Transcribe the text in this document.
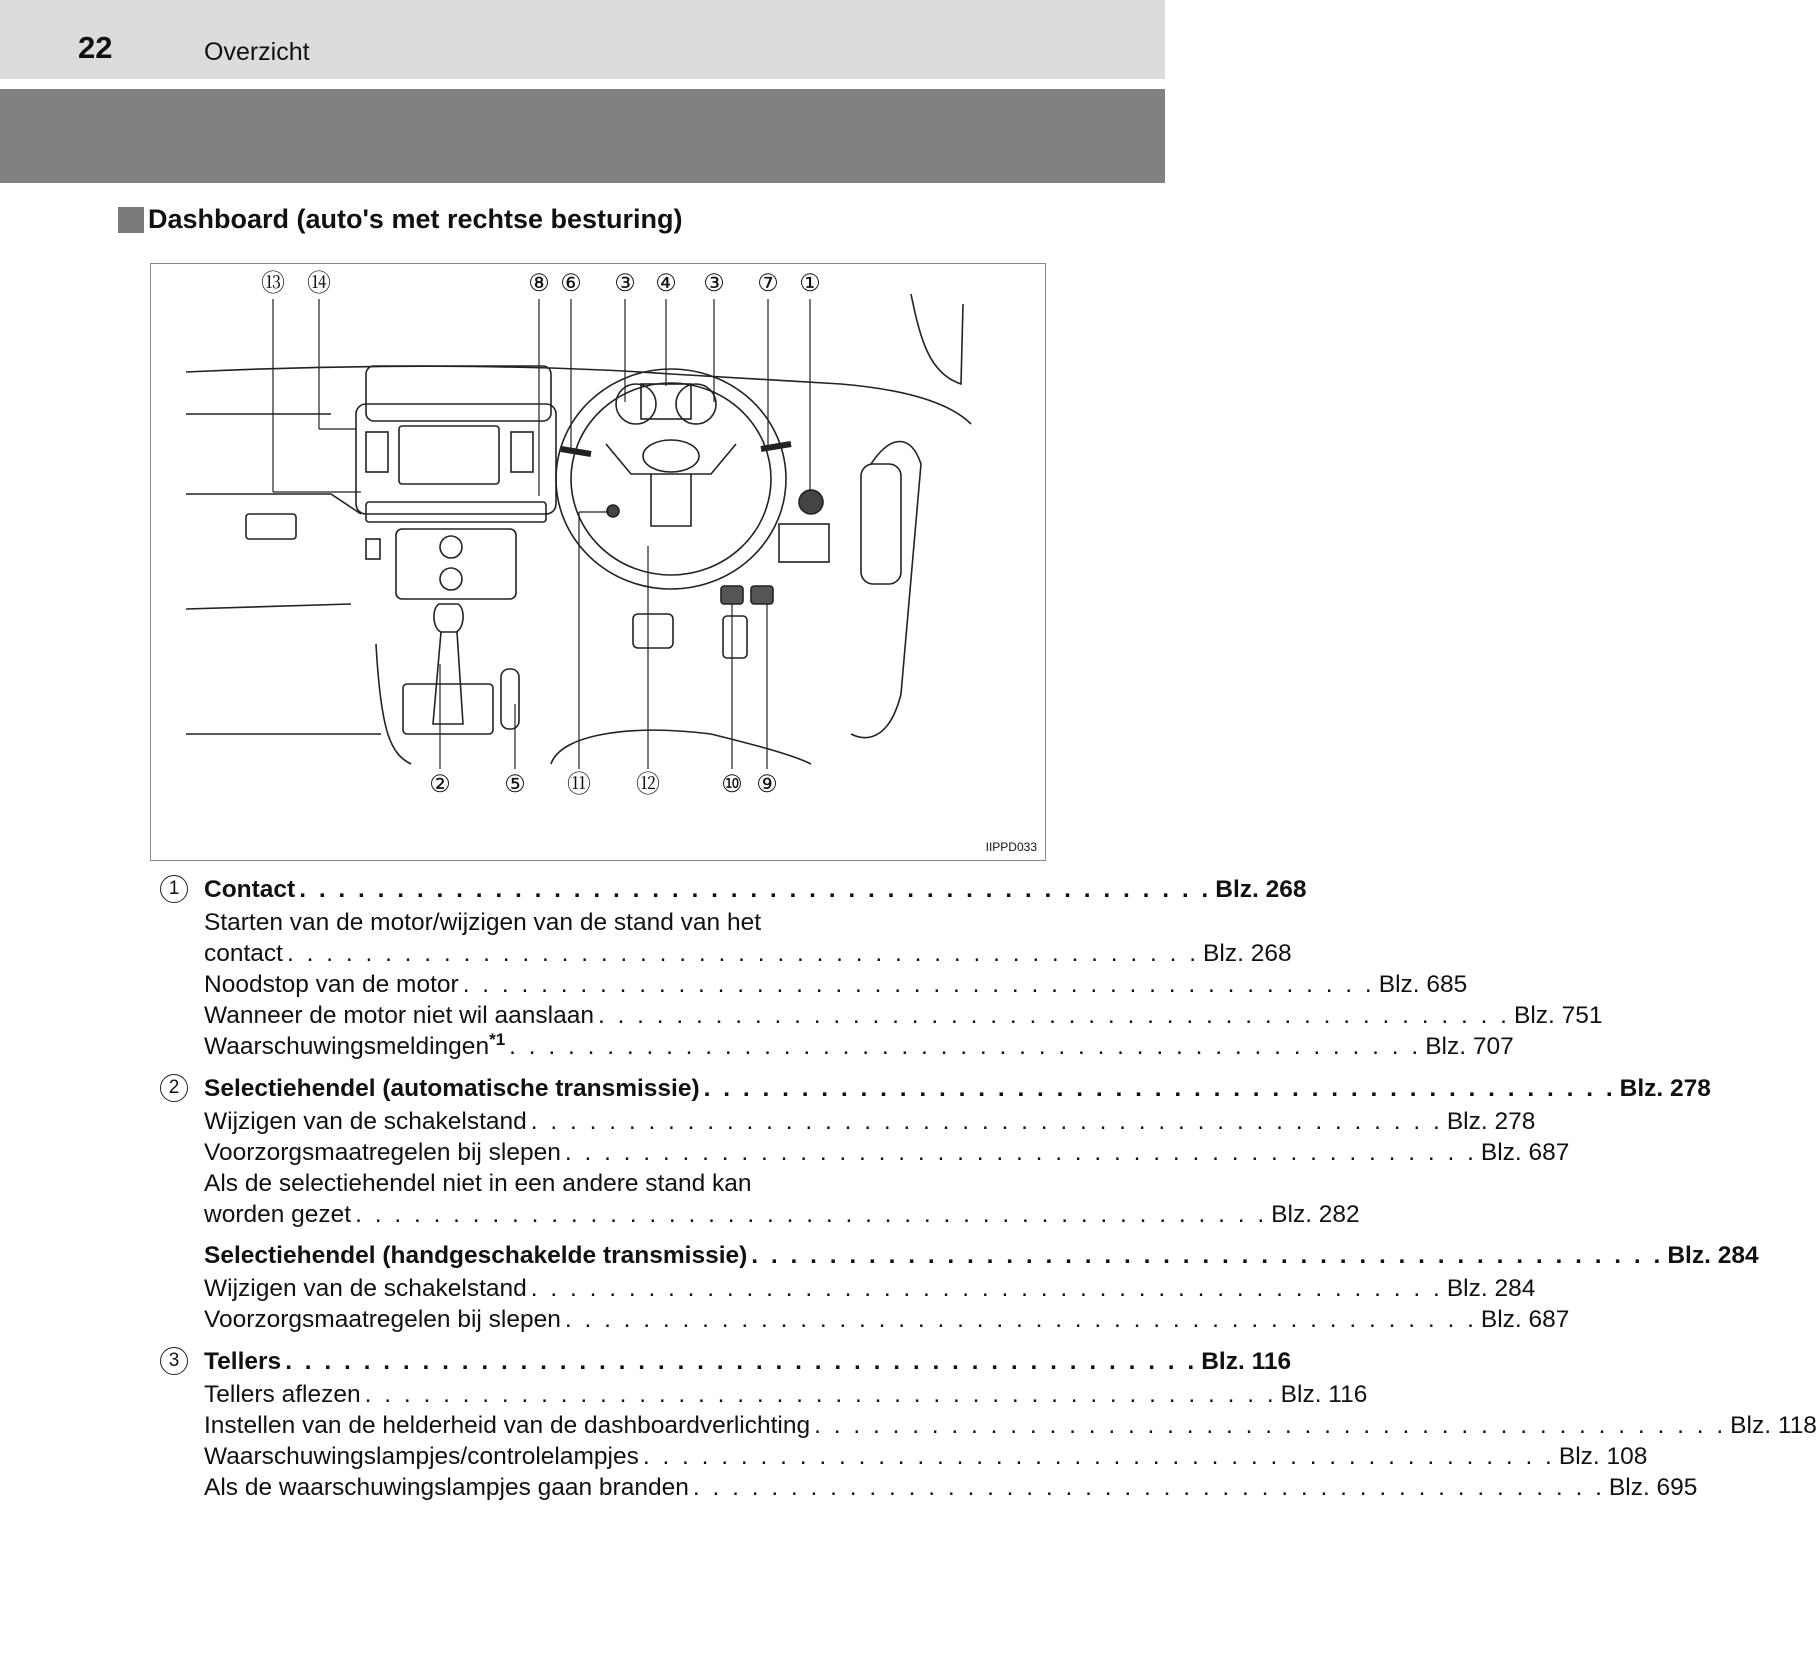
22	Overzicht
Dashboard (auto's met rechtse besturing)
⑬ ⑭	⑧ ⑥ ③ ④ ③ ⑦ ①
② ⑤ ⑪ ⑫	⑩ ⑨
IIPPD033
1	Contact . . . . . . . . . . . . . . . . . . . . . . . . . . . . . . . . . . . . . . . . . . . . . . . Blz. 268
Starten van de motor/wijzigen van de stand van het
contact . . . . . . . . . . . . . . . . . . . . . . . . . . . . . . . . . . . . . . . . . . . . . . . Blz. 268
Noodstop van de motor . . . . . . . . . . . . . . . . . . . . . . . . . . . . . . . . . . . . . . . . . . . . . . . Blz. 685
Wanneer de motor niet wil aanslaan . . . . . . . . . . . . . . . . . . . . . . . . . . . . . . . . . . . . . . . . . . . . . . . Blz. 751
Waarschuwingsmeldingen$^{*1}$ . . . . . . . . . . . . . . . . . . . . . . . . . . . . . . . . . . . . . . . . . . . . . . . Blz. 707
2	Selectiehendel (automatische transmissie) . . . . . . . . . . . . . . . . . . . . . . . . . . . . . . . . . . . . . . . . . . . . . . . Blz. 278
Wijzigen van de schakelstand . . . . . . . . . . . . . . . . . . . . . . . . . . . . . . . . . . . . . . . . . . . . . . . Blz. 278
Voorzorgsmaatregelen bij slepen . . . . . . . . . . . . . . . . . . . . . . . . . . . . . . . . . . . . . . . . . . . . . . . Blz. 687
Als de selectiehendel niet in een andere stand kan
worden gezet . . . . . . . . . . . . . . . . . . . . . . . . . . . . . . . . . . . . . . . . . . . . . . . Blz. 282
Selectiehendel (handgeschakelde transmissie) . . . . . . . . . . . . . . . . . . . . . . . . . . . . . . . . . . . . . . . . . . . . . . . Blz. 284
Wijzigen van de schakelstand . . . . . . . . . . . . . . . . . . . . . . . . . . . . . . . . . . . . . . . . . . . . . . . Blz. 284
Voorzorgsmaatregelen bij slepen . . . . . . . . . . . . . . . . . . . . . . . . . . . . . . . . . . . . . . . . . . . . . . . Blz. 687
3	Tellers . . . . . . . . . . . . . . . . . . . . . . . . . . . . . . . . . . . . . . . . . . . . . . . Blz. 116
Tellers aflezen . . . . . . . . . . . . . . . . . . . . . . . . . . . . . . . . . . . . . . . . . . . . . . . Blz. 116
Instellen van de helderheid van de dashboardverlichting . . . . . . . . . . . . . . . . . . . . . . . . . . . . . . . . . . . . . . . . . . . . . . . Blz. 118
Waarschuwingslampjes/controlelampjes . . . . . . . . . . . . . . . . . . . . . . . . . . . . . . . . . . . . . . . . . . . . . . . Blz. 108
Als de waarschuwingslampjes gaan branden . . . . . . . . . . . . . . . . . . . . . . . . . . . . . . . . . . . . . . . . . . . . . . . Blz. 695
